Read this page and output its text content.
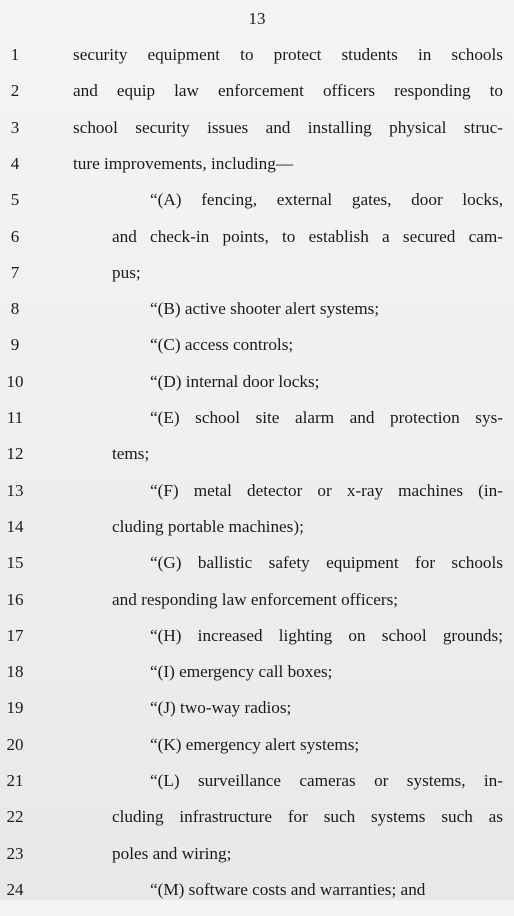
13
1	security equipment to protect students in schools
2	and equip law enforcement officers responding to
3	school security issues and installing physical struc-
4	ture improvements, including—
5	“(A) fencing, external gates, door locks,
6	and check-in points, to establish a secured cam-
7	pus;
8	“(B) active shooter alert systems;
9	“(C) access controls;
10	“(D) internal door locks;
11	“(E) school site alarm and protection sys-
12	tems;
13	“(F) metal detector or x-ray machines (in-
14	cluding portable machines);
15	“(G) ballistic safety equipment for schools
16	and responding law enforcement officers;
17	“(H) increased lighting on school grounds;
18	“(I) emergency call boxes;
19	“(J) two-way radios;
20	“(K) emergency alert systems;
21	“(L) surveillance cameras or systems, in-
22	cluding infrastructure for such systems such as
23	poles and wiring;
24	“(M) software costs and warranties; and
